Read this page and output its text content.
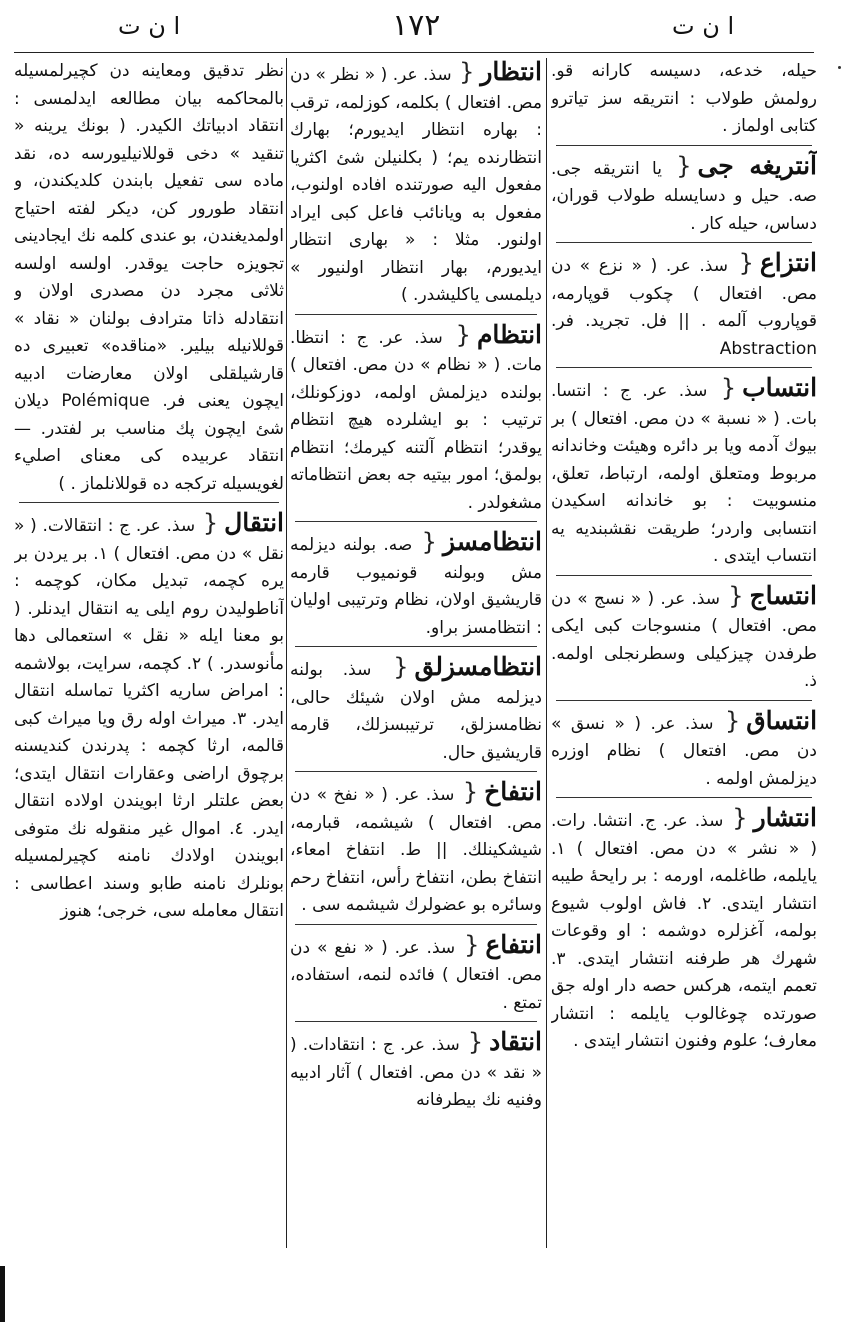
ا ن ت	١٧٢	ا ن ت
حيله، خدعه، دسيسه كارانه قو. رولمش طولاب : انتريقه سز تياترو كتابى اولماز .
آنتريغه جى{ يا انتريقه جى. صه. حيل و دسايسله طولاب قوران، دساس، حيله كار .
انتزاع{ سذ. عر. ( « نزع » دن مص. افتعال ) چكوب قوپارمه، قوپاروب آلمه . || فل. تجريد. فر. Abstraction
انتساب{ سذ. عر. ج : انتسا. بات. ( « نسبة » دن مص. افتعال ) بر بيوك آدمه ويا بر دائره وهيئت وخاندانه مربوط ومتعلق اولمه، ارتباط، تعلق، منسوبيت : بو خاندانه اسكيدن انتسابى واردر؛ طريقت نقشبنديه يه انتساب ايتدى .
انتساج{ سذ. عر. ( « نسج » دن مص. افتعال ) منسوجات كبى ايكى طرفدن چيزكيلى وسطرنجلى اولمه. ذ.
انتساق{ سذ. عر. ( « نسق » دن مص. افتعال ) نظام اوزره ديزلمش اولمه .
انتشار{ سذ. عر. ج. انتشا. رات. ( « نشر » دن مص. افتعال ) ١. يايلمه، طاغلمه، اورمه : بر رايحهٔ طيبه انتشار ايتدى. ٢. فاش اولوب شيوع بولمه، آغزلره دوشمه : او وقوعات شهرك هر طرفنه انتشار ايتدى. ٣. تعمم ايتمه، هركس حصه دار اوله جق صورتده چوغالوب يايلمه : انتشار معارف؛ علوم وفنون انتشار ايتدى .
انتظار{ سذ. عر. ( « نظر » دن مص. افتعال ) بكلمه، كوزلمه، ترقب : بهاره انتظار ايديورم؛ بهارك انتظارنده يم؛ ( بكلنيلن شئ اكثريا مفعول اليه صورتنده افاده اولنوب، مفعول به ويانائب فاعل كبى ايراد اولنور. مثلا : « بهارى انتظار ايديورم، بهار انتظار اولنيور » ديلمسى ياكليشدر. )
انتظام{ سذ. عر. ج : انتظا. مات. ( « نظام » دن مص. افتعال ) بولنده ديزلمش اولمه، دوزكونلك، ترتيب : بو ايشلرده هيچ انتظام يوقدر؛ انتظام آلتنه كيرمك؛ انتظام بولمق؛ امور بيتيه جه بعض انتظاماته مشغولدر .
انتظامسز{ صه. بولنه ديزلمه مش وبولنه قونميوب قارمه قاريشيق اولان، نظام وترتيبى اوليان : انتظامسز براو.
انتظامسزلق{ سذ. بولنه ديزلمه مش اولان شيئك حالى، نظامسزلق، ترتيبسزلك، قارمه قاريشيق حال.
انتفاخ{ سذ. عر. ( « نفخ » دن مص. افتعال ) شيشمه، قبارمه، شيشكينلك. || ط. انتفاخ امعاء، انتفاخ بطن، انتفاخ رأس، انتفاخ رحم وسائره بو عضولرك شيشمه سى .
انتفاع{ سذ. عر. ( « نفع » دن مص. افتعال ) فائده لنمه، استفاده، تمتع .
انتقاد{ سذ. عر. ج : انتقادات. ( « نقد » دن مص. افتعال ) آثار ادبيه وفنيه نك بيطرفانه
نظر تدقيق ومعاينه دن كچيرلمسيله بالمحاكمه بيان مطالعه ايدلمسى : انتقاد ادبياتك الكيدر. ( بونك يرينه « تنقيد » دخى قوللانيليورسه ده، نقد ماده سى تفعيل بابندن كلديكندن، و انتقاد طورور كن، ديكر لفته احتياج اولمديغندن، بو عندى كلمه نك ايجادينى تجويزه حاجت يوقدر. اولسه اولسه ثلاثى مجرد دن مصدرى اولان و انتقادله ذاتا مترادف بولنان « نقاد » قوللانيله بيلير. «مناقده» تعبيرى ده قارشيلقلى اولان معارضات ادبيه ايچون يعنى فر. Polémique ديلان شئ ايچون پك مناسب بر لفتدر. — انتقاد عربيده كى معناى اصليء لغويسيله تركجه ده قوللانلماز . )
انتقال{ سذ. عر. ج : انتقالات. ( « نقل » دن مص. افتعال ) ١. بر يردن بر يره كچمه، تبديل مكان، كوچمه : آناطوليدن روم ايلى يه انتقال ايدنلر. ( بو معنا ايله « نقل » استعمالى دها مأنوسدر. ) ٢. كچمه، سرايت، بولاشمه : امراض ساريه اكثريا تماسله انتقال ايدر. ٣. ميراث اوله رق ويا ميراث كبى قالمه، ارثا كچمه : پدرندن كنديسنه برچوق اراضى وعقارات انتقال ايتدى؛ بعض علتلر ارثا ابويندن اولاده انتقال ايدر. ٤. اموال غير منقوله نك متوفى ابويندن اولادك نامنه كچيرلمسيله بونلرك نامنه طابو وسند اعطاسى : انتقال معامله سى، خرجى؛ هنوز
